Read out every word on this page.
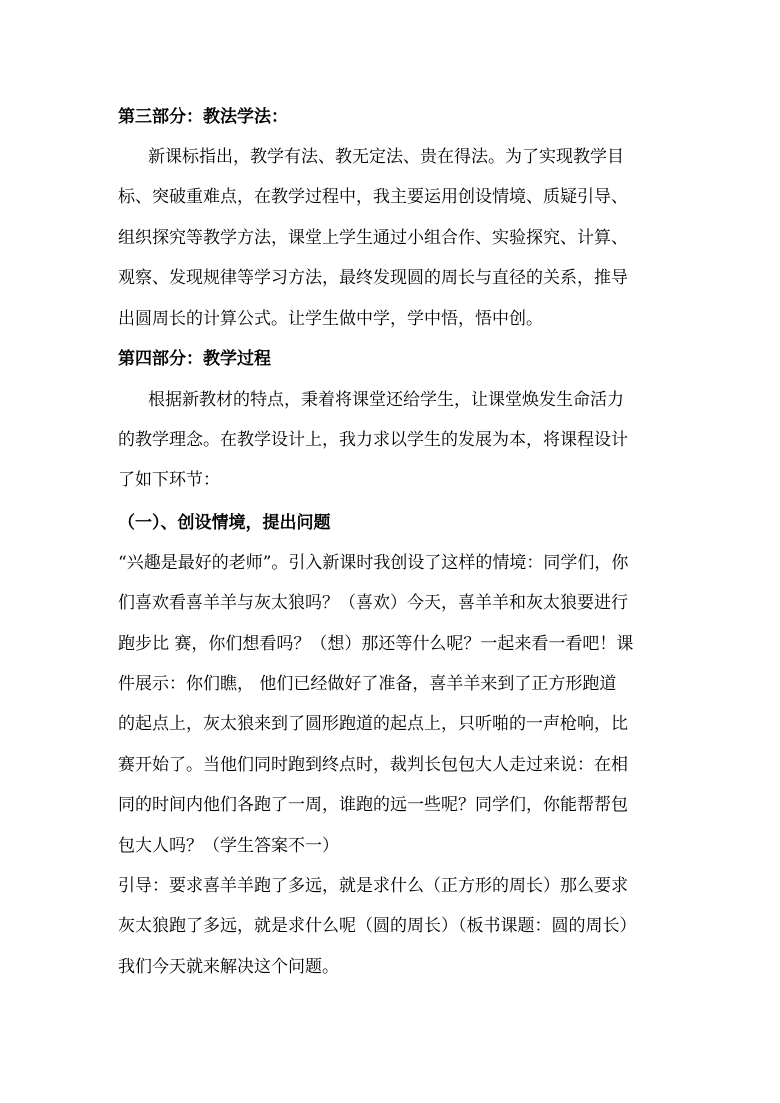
第三部分：教法学法：
新课标指出，教学有法、教无定法、贵在得法。为了实现教学目
标、突破重难点，在教学过程中，我主要运用创设情境、质疑引导、
组织探究等教学方法，课堂上学生通过小组合作、实验探究、计算、
观察、发现规律等学习方法，最终发现圆的周长与直径的关系，推导
出圆周长的计算公式。让学生做中学，学中悟，悟中创。
第四部分：教学过程
根据新教材的特点，秉着将课堂还给学生，让课堂焕发生命活力
的教学理念。在教学设计上，我力求以学生的发展为本，将课程设计
了如下环节：
（一）、创设情境，提出问题
“兴趣是最好的老师”。引入新课时我创设了这样的情境：同学们，你
们喜欢看喜羊羊与灰太狼吗？（喜欢）今天，喜羊羊和灰太狼要进行
跑步比 赛，你们想看吗？（想）那还等什么呢？一起来看一看吧！课
件展示：你们瞧， 他们已经做好了准备，喜羊羊来到了正方形跑道
的起点上，灰太狼来到了圆形跑道的起点上，只听啪的一声枪响，比
赛开始了。当他们同时跑到终点时，裁判长包包大人走过来说：在相
同的时间内他们各跑了一周，谁跑的远一些呢？同学们，你能帮帮包
包大人吗？（学生答案不一）
引导：要求喜羊羊跑了多远，就是求什么（正方形的周长）那么要求
灰太狼跑了多远，就是求什么呢（圆的周长）（板书课题：圆的周长）
我们今天就来解决这个问题。
